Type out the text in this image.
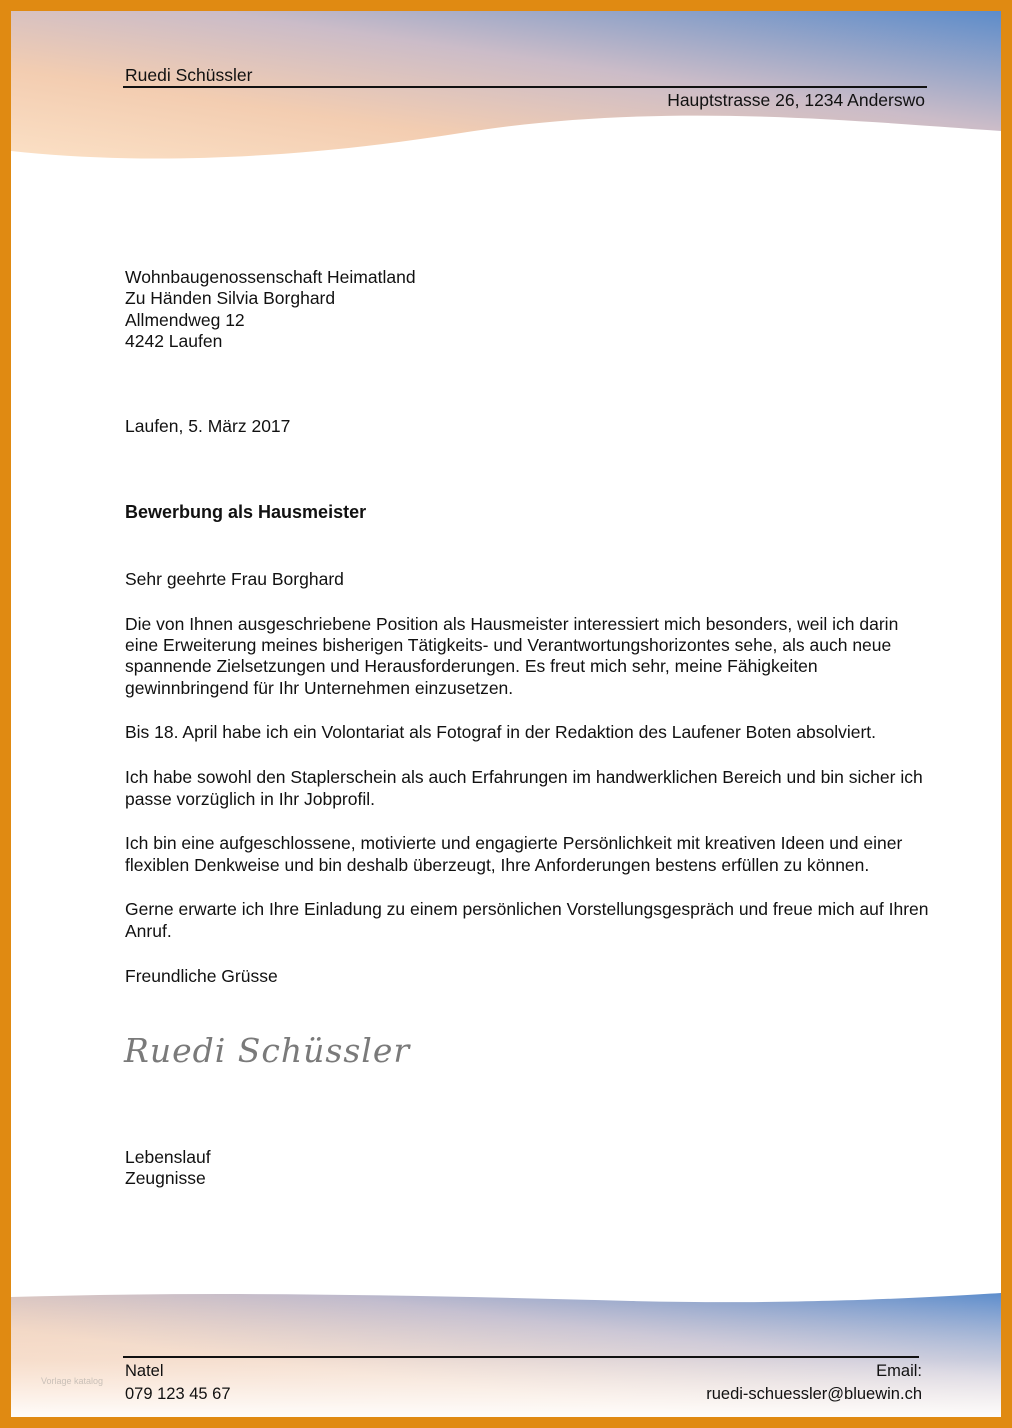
Ruedi Schüssler
Hauptstrasse 26, 1234 Anderswo
Wohnbaugenossenschaft Heimatland
Zu Händen Silvia Borghard
Allmendweg 12
4242 Laufen
Laufen, 5. März 2017
Bewerbung als Hausmeister

Sehr geehrte Frau Borghard

Die von Ihnen ausgeschriebene Position als Hausmeister interessiert mich besonders, weil ich darin eine Erweiterung meines bisherigen Tätigkeits- und Verantwortungshorizontes sehe, als auch neue spannende Zielsetzungen und Herausforderungen. Es freut mich sehr, meine Fähigkeiten gewinnbringend für Ihr Unternehmen einzusetzen.

Bis 18. April habe ich ein Volontariat als Fotograf in der Redaktion des Laufener Boten absolviert.

Ich habe sowohl den Staplerschein als auch Erfahrungen im handwerklichen Bereich und bin sicher ich passe vorzüglich in Ihr Jobprofil.

Ich bin eine aufgeschlossene, motivierte und engagierte Persönlichkeit mit kreativen Ideen und einer flexiblen Denkweise und bin deshalb überzeugt, Ihre Anforderungen bestens erfüllen zu können.

Gerne erwarte ich Ihre Einladung zu einem persönlichen Vorstellungsgespräch und freue mich auf Ihren Anruf.

Freundliche Grüsse

Ruedi Schüssler
Lebenslauf
Zeugnisse
Natel
079 123 45 67
Email:
ruedi-schuessler@bluewin.ch
Vorlage katalog
